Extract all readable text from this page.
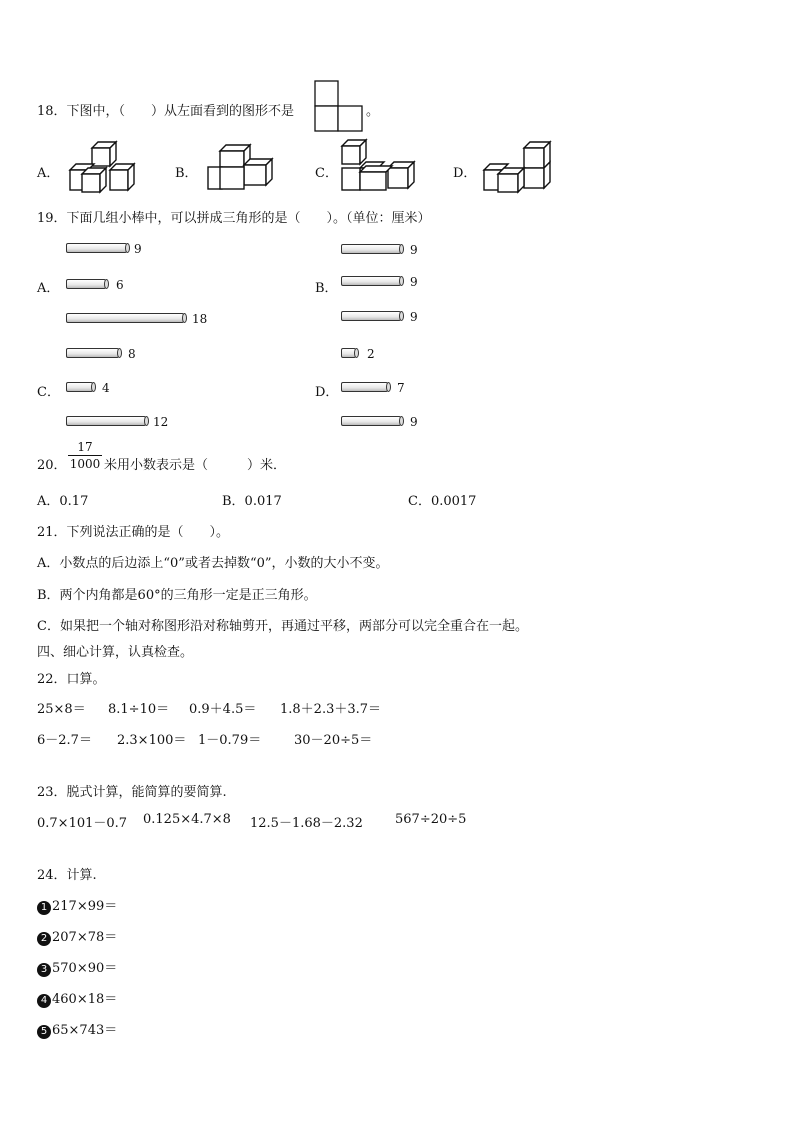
18．下图中，（　　）从左面看到的图形不是	。
A．	B．	C．	D．
19．下面几组小棒中，可以拼成三角形的是（　　）。（单位：厘米）
A．
9
6
18
B．
9
9
9
C．
8
4
12
D．
2
7
9
20． $\frac{17}{1000}$ 米用小数表示是（　　　）米．
A．0.17	B．0.017	C．0.0017
21．下列说法正确的是（　　）。
A．小数点的后边添上“0”或者去掉数“0”，小数的大小不变。
B．两个内角都是60°的三角形一定是正三角形。
C．如果把一个轴对称图形沿对称轴剪开，再通过平移，两部分可以完全重合在一起。
四、细心计算，认真检查。
22．口算。
25×8＝ 8.1÷10＝ 0.9＋4.5＝ 1.8＋2.3＋3.7＝
6－2.7＝ 2.3×100＝ 1－0.79＝	30－20÷5＝
23．脱式计算，能简算的要简算.
0.7×101－0.7 0.125×4.7×8 12.5－1.68－2.32 567÷20÷5
24．计算.
1 217×99＝
2 207×78＝
3 570×90＝
4 460×18＝
5 65×743＝
